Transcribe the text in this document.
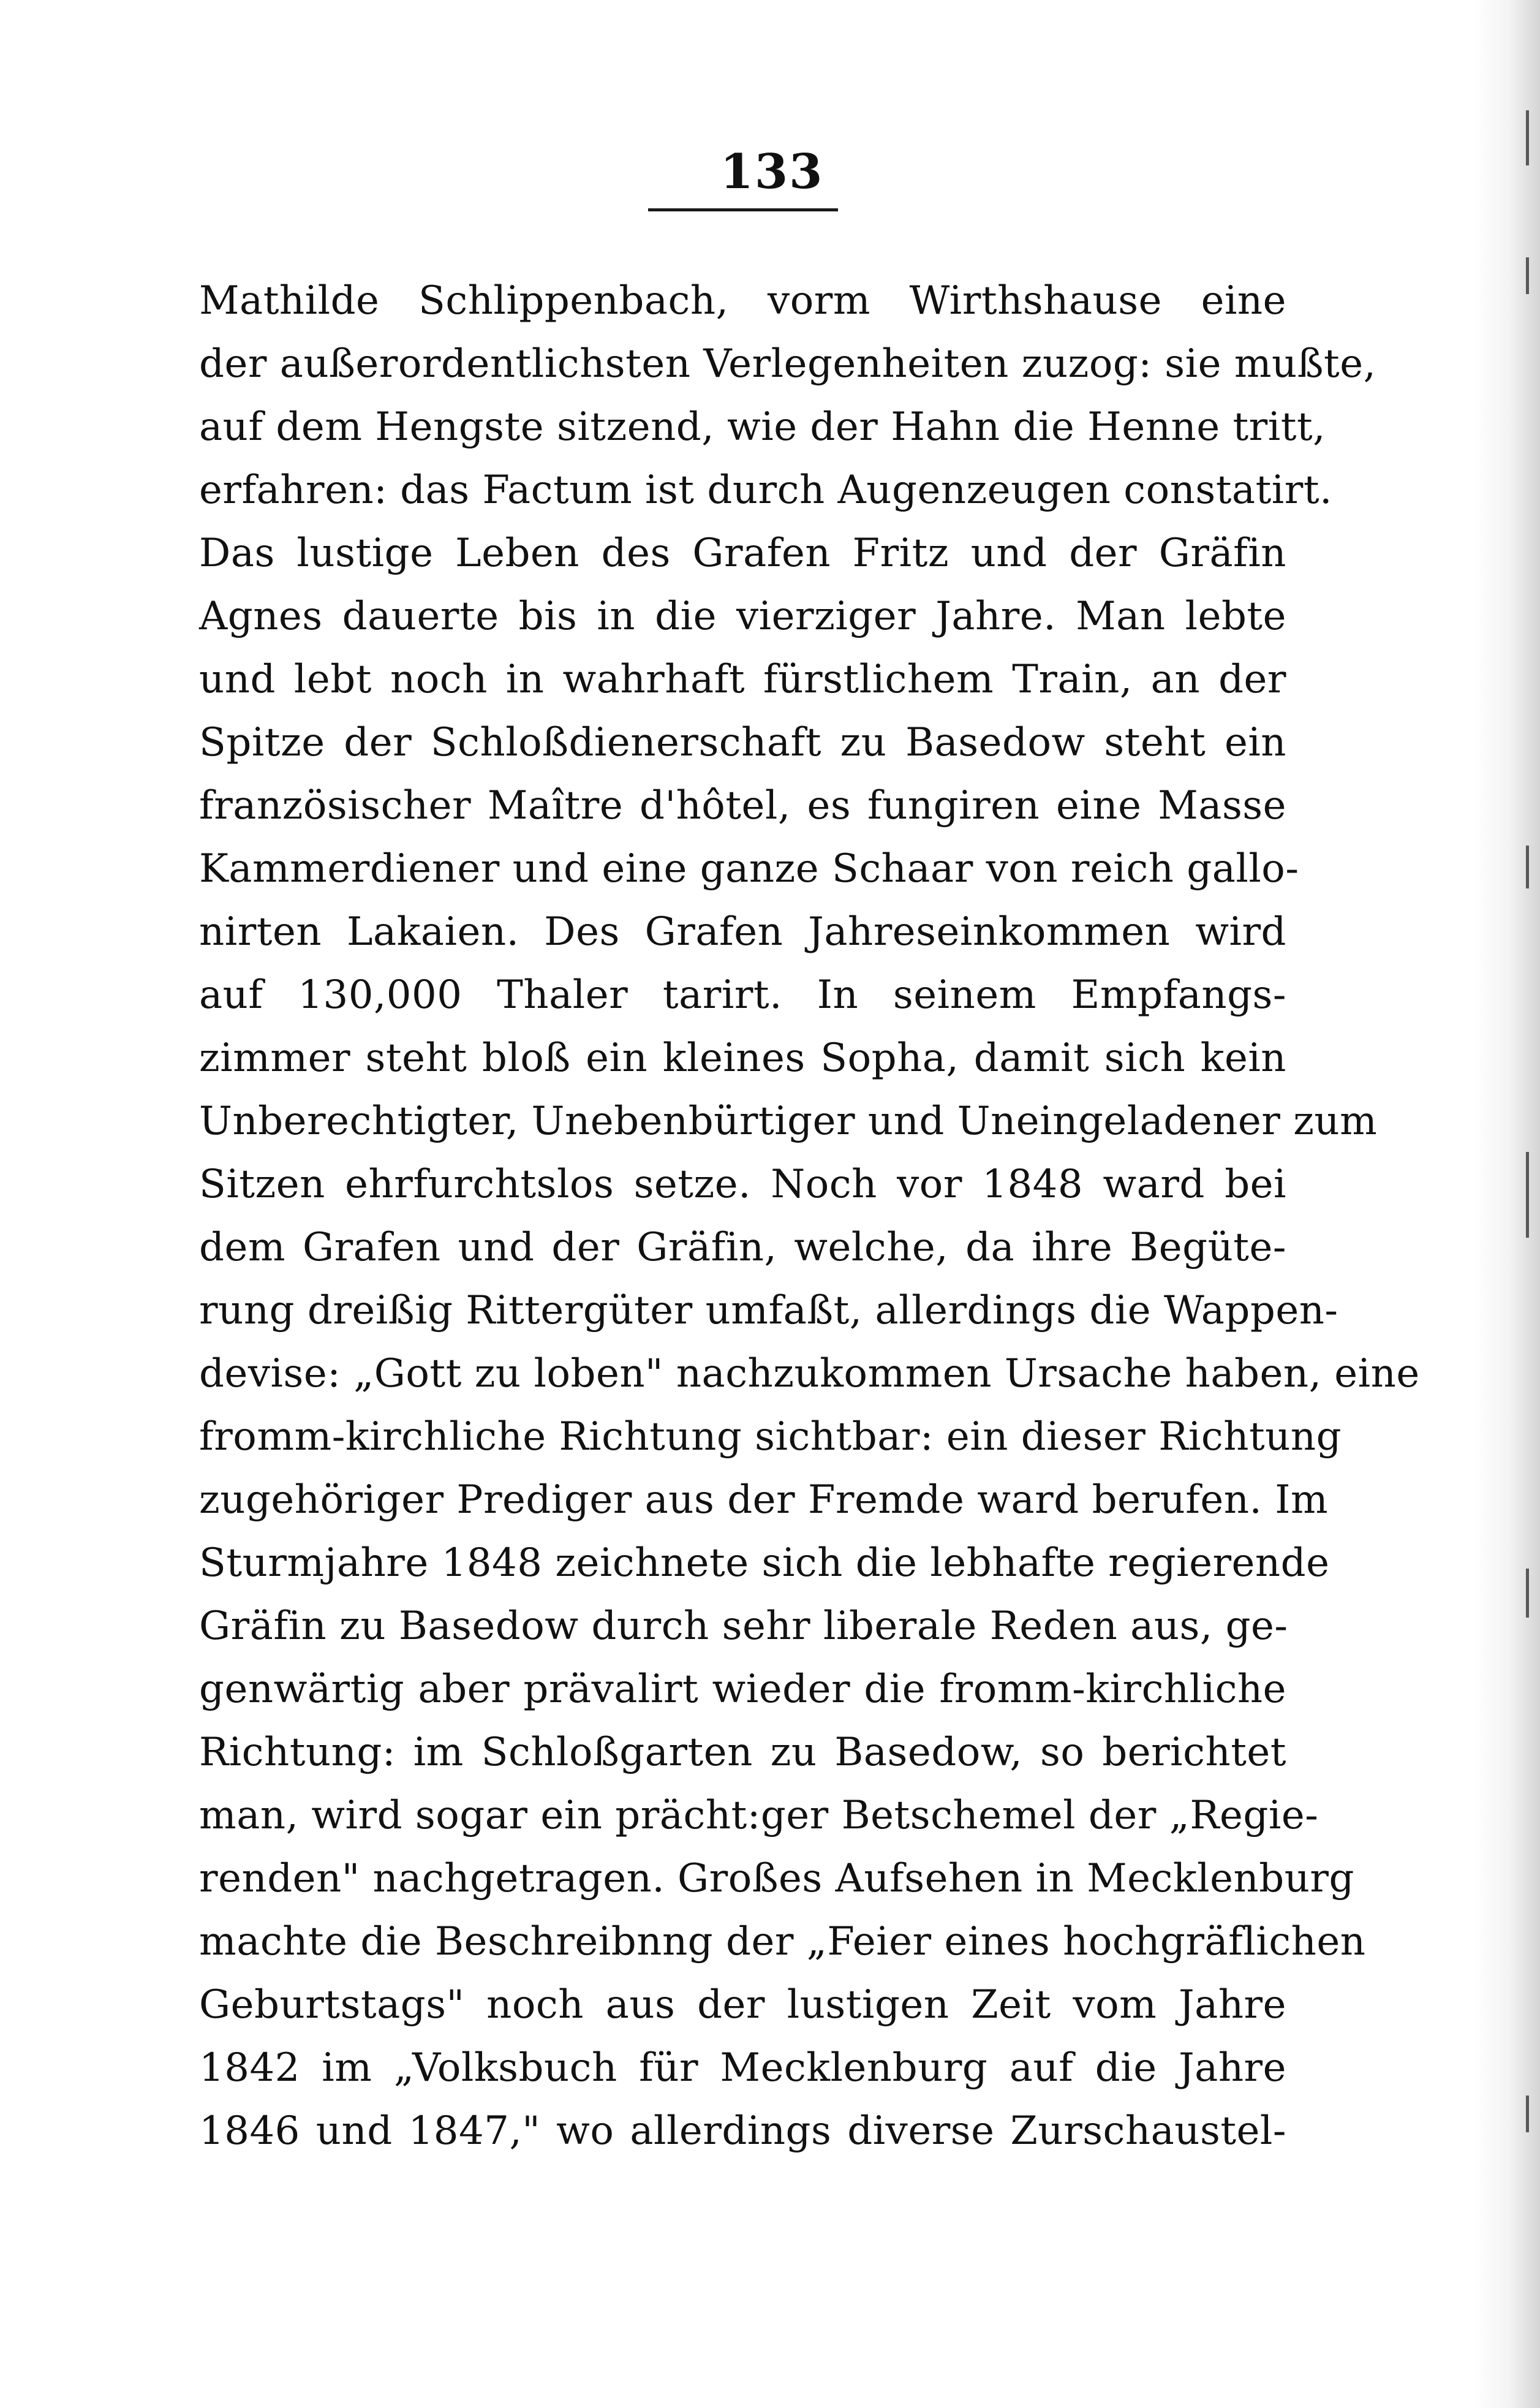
133
Mathilde Schlippenbach, vorm Wirthshause eine
der außerordentlichsten Verlegenheiten zuzog: sie mußte,
auf dem Hengste sitzend, wie der Hahn die Henne tritt,
erfahren: das Factum ist durch Augenzeugen constatirt.
Das lustige Leben des Grafen Fritz und der Gräfin
Agnes dauerte bis in die vierziger Jahre. Man lebte
und lebt noch in wahrhaft fürstlichem Train, an der
Spitze der Schloßdienerschaft zu Basedow steht ein
französischer Maître d'hôtel, es fungiren eine Masse
Kammerdiener und eine ganze Schaar von reich gallo-
nirten Lakaien. Des Grafen Jahreseinkommen wird
auf 130,000 Thaler tarirt. In seinem Empfangs-
zimmer steht bloß ein kleines Sopha, damit sich kein
Unberechtigter, Unebenbürtiger und Uneingeladener zum
Sitzen ehrfurchtslos setze. Noch vor 1848 ward bei
dem Grafen und der Gräfin, welche, da ihre Begüte-
rung dreißig Rittergüter umfaßt, allerdings die Wappen-
devise: „Gott zu loben" nachzukommen Ursache haben, eine
fromm-kirchliche Richtung sichtbar: ein dieser Richtung
zugehöriger Prediger aus der Fremde ward berufen. Im
Sturmjahre 1848 zeichnete sich die lebhafte regierende
Gräfin zu Basedow durch sehr liberale Reden aus, ge-
genwärtig aber prävalirt wieder die fromm-kirchliche
Richtung: im Schloßgarten zu Basedow, so berichtet
man, wird sogar ein prächt:ger Betschemel der „Regie-
renden" nachgetragen. Großes Aufsehen in Mecklenburg
machte die Beschreibnng der „Feier eines hochgräflichen
Geburtstags" noch aus der lustigen Zeit vom Jahre
1842 im „Volksbuch für Mecklenburg auf die Jahre
1846 und 1847," wo allerdings diverse Zurschaustel-
